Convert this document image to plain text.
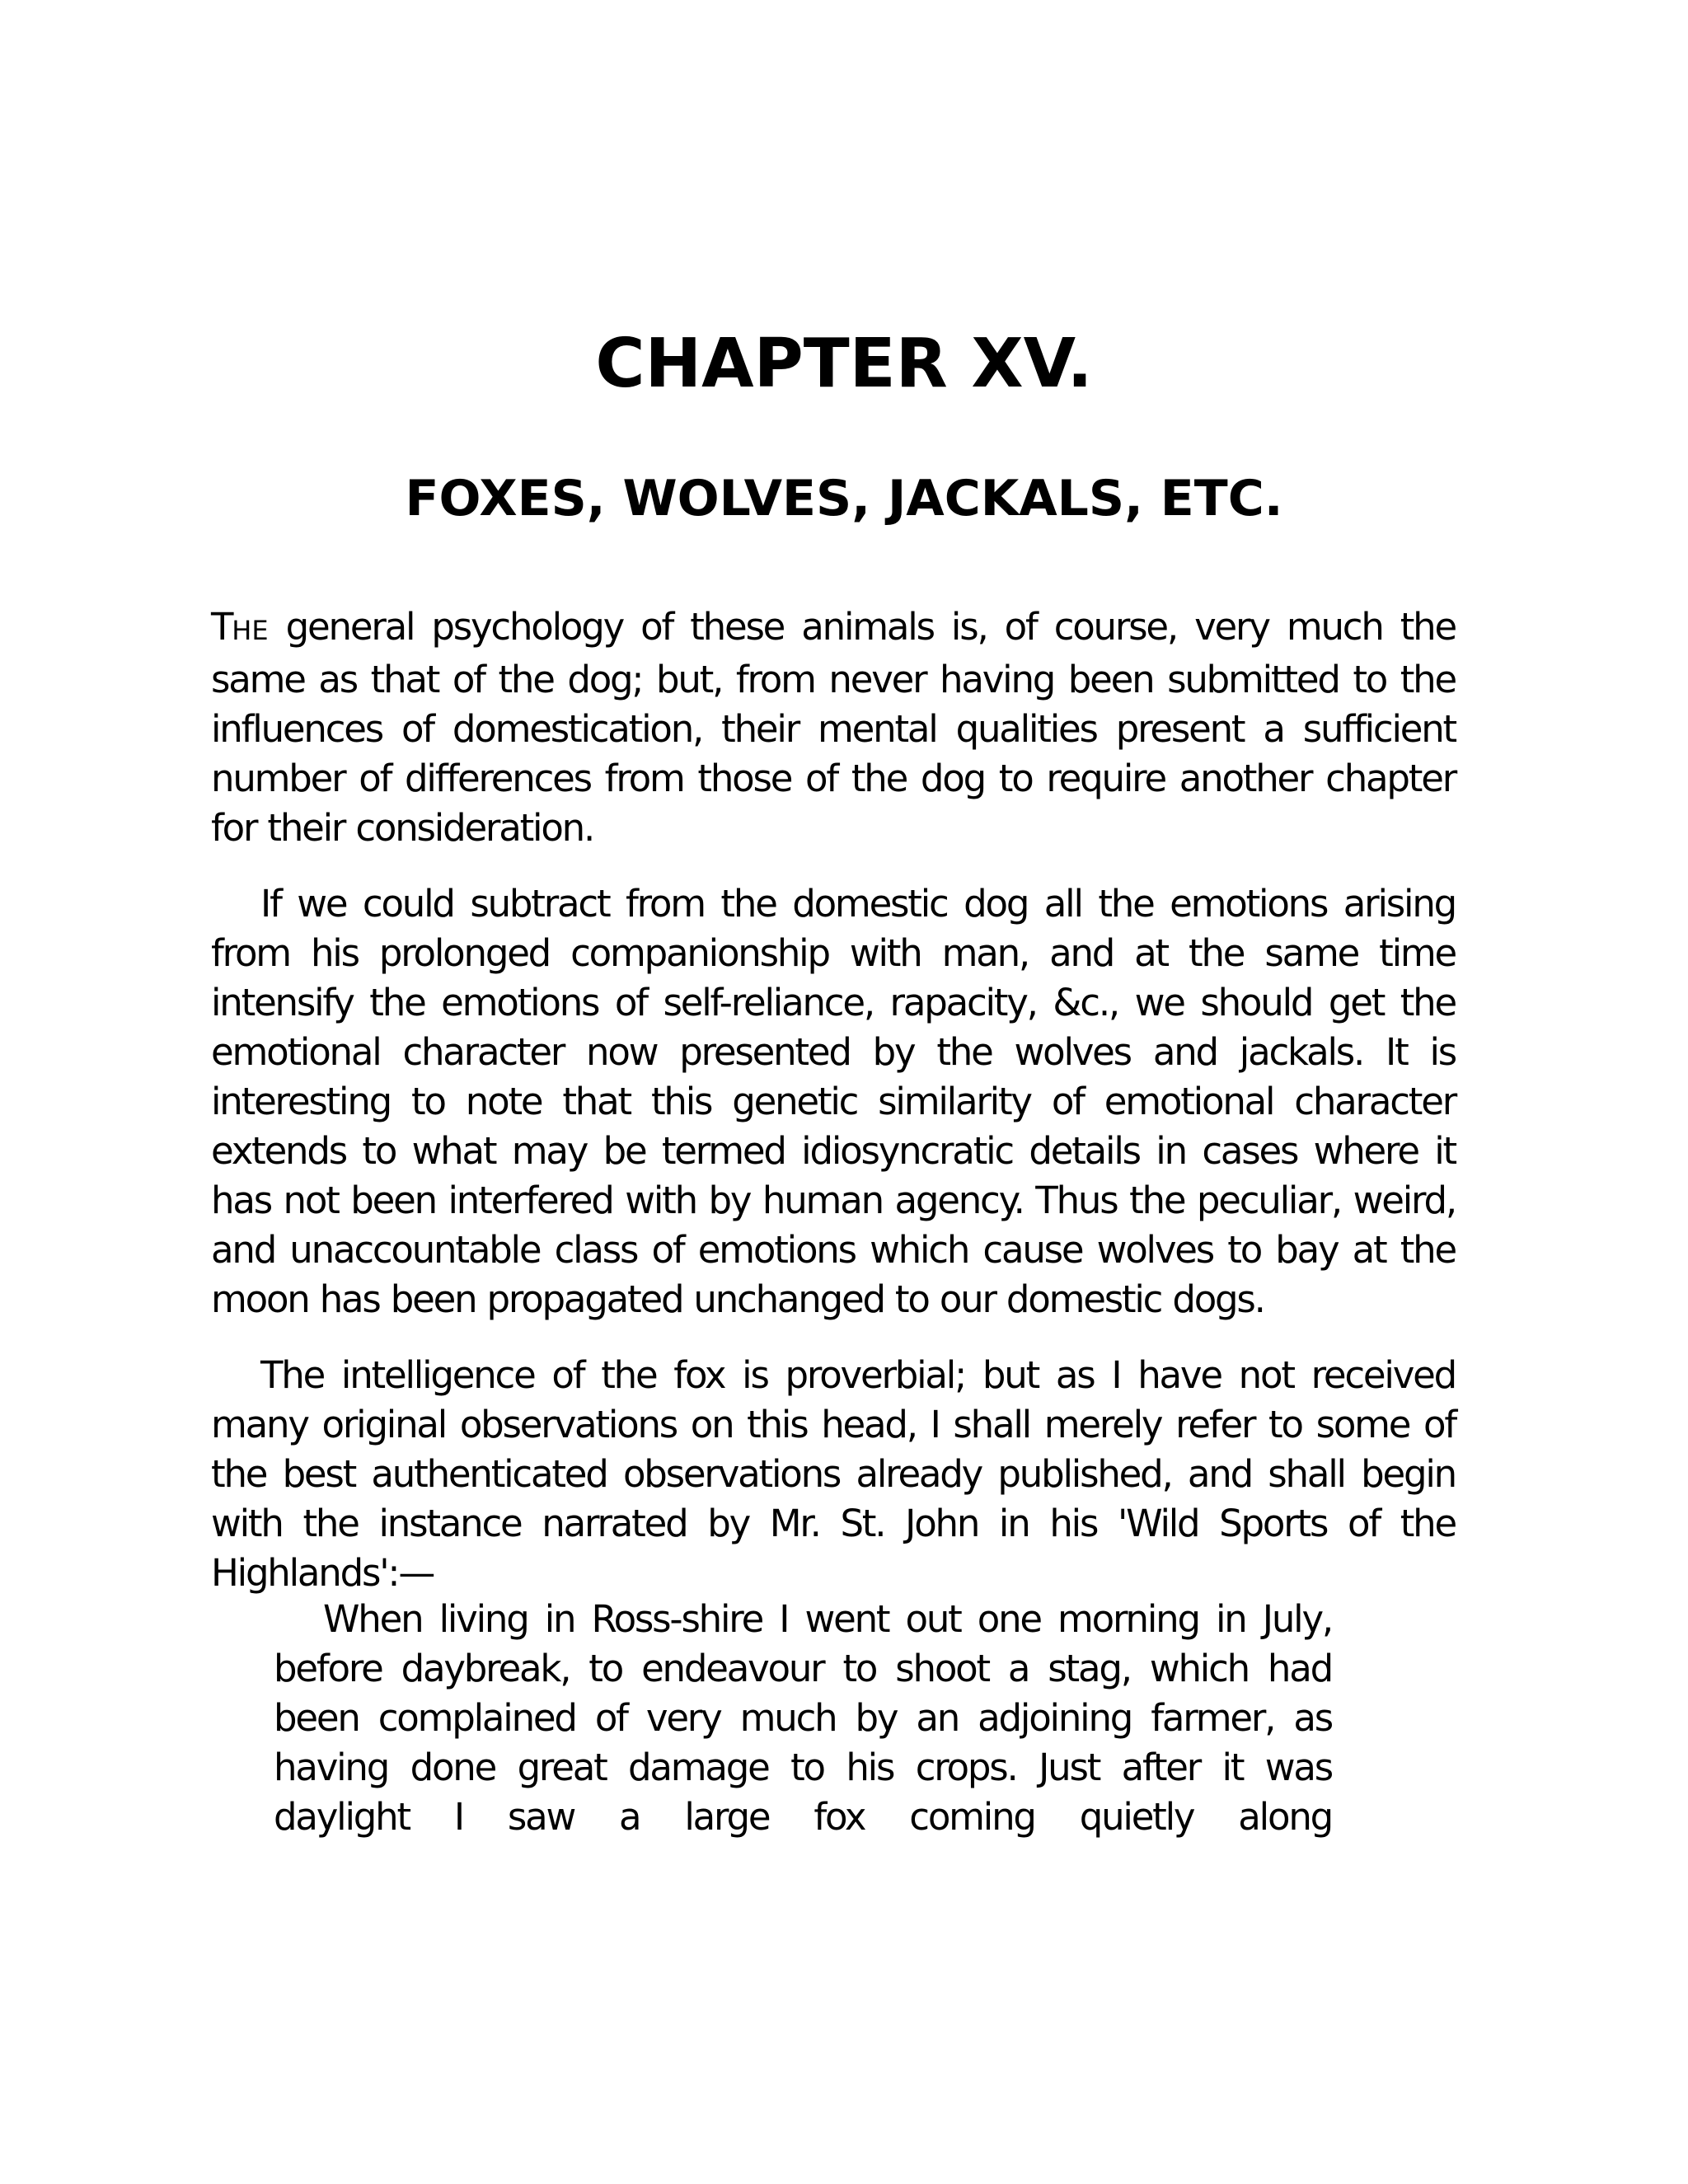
CHAPTER XV.
FOXES, WOLVES, JACKALS, ETC.

THE general psychology of these animals is, of course, very much the same as that of the dog; but, from never having been submitted to the influences of domestication, their mental qualities present a sufficient number of differences from those of the dog to require another chapter for their consideration.

If we could subtract from the domestic dog all the emotions arising from his prolonged companionship with man, and at the same time intensify the emotions of self-reliance, rapacity, &c., we should get the emotional character now presented by the wolves and jackals. It is interesting to note that this genetic similarity of emotional character extends to what may be termed idiosyncratic details in cases where it has not been interfered with by human agency. Thus the peculiar, weird, and unaccountable class of emotions which cause wolves to bay at the moon has been propagated unchanged to our domestic dogs.

The intelligence of the fox is proverbial; but as I have not received many original observations on this head, I shall merely refer to some of the best authenticated observations already published, and shall begin with the instance narrated by Mr. St. John in his 'Wild Sports of the Highlands':—

When living in Ross-shire I went out one morning in July, before daybreak, to endeavour to shoot a stag, which had been complained of very much by an adjoining farmer, as having done great damage to his crops. Just after it was daylight I saw a large fox coming quietly along
